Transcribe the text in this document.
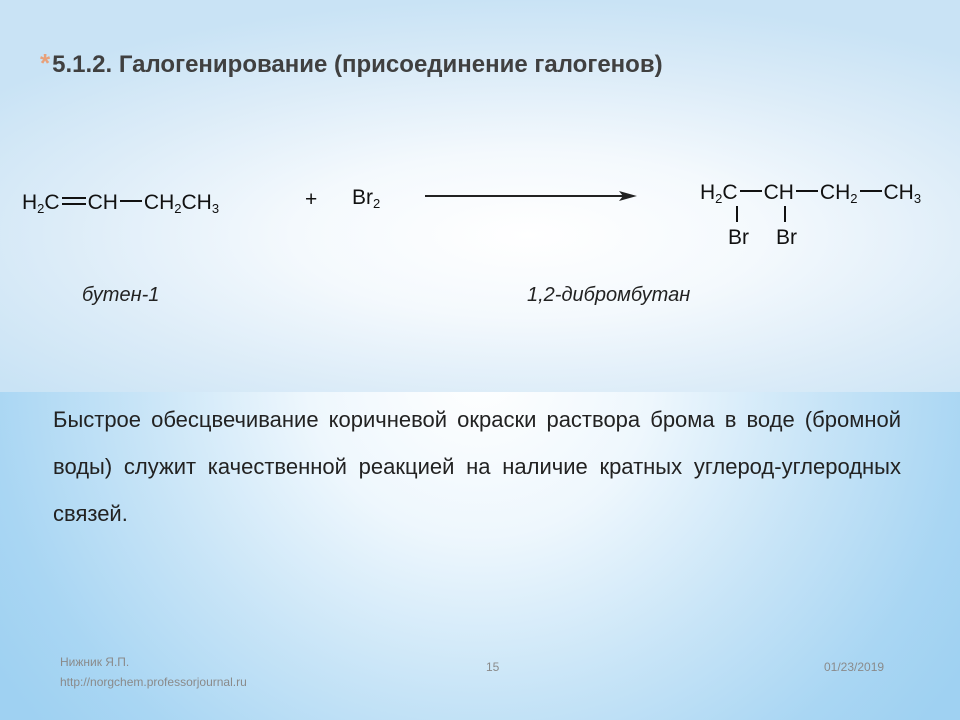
*5.1.2. Галогенирование (присоединение галогенов)
$H_2C$ CH $CH_2CH_3$	+ $Br_2$	$H_2C$ CH $CH_2$ $CH_3$
Br Br
бутен-1	1,2-дибромбутан
Быстрое обесцвечивание коричневой окраски раствора брома в воде (бромной воды) служит качественной реакцией на наличие кратных углерод-углеродных связей.
Нижник Я.П.
http://norgchem.professorjournal.ru
15	01/23/2019
